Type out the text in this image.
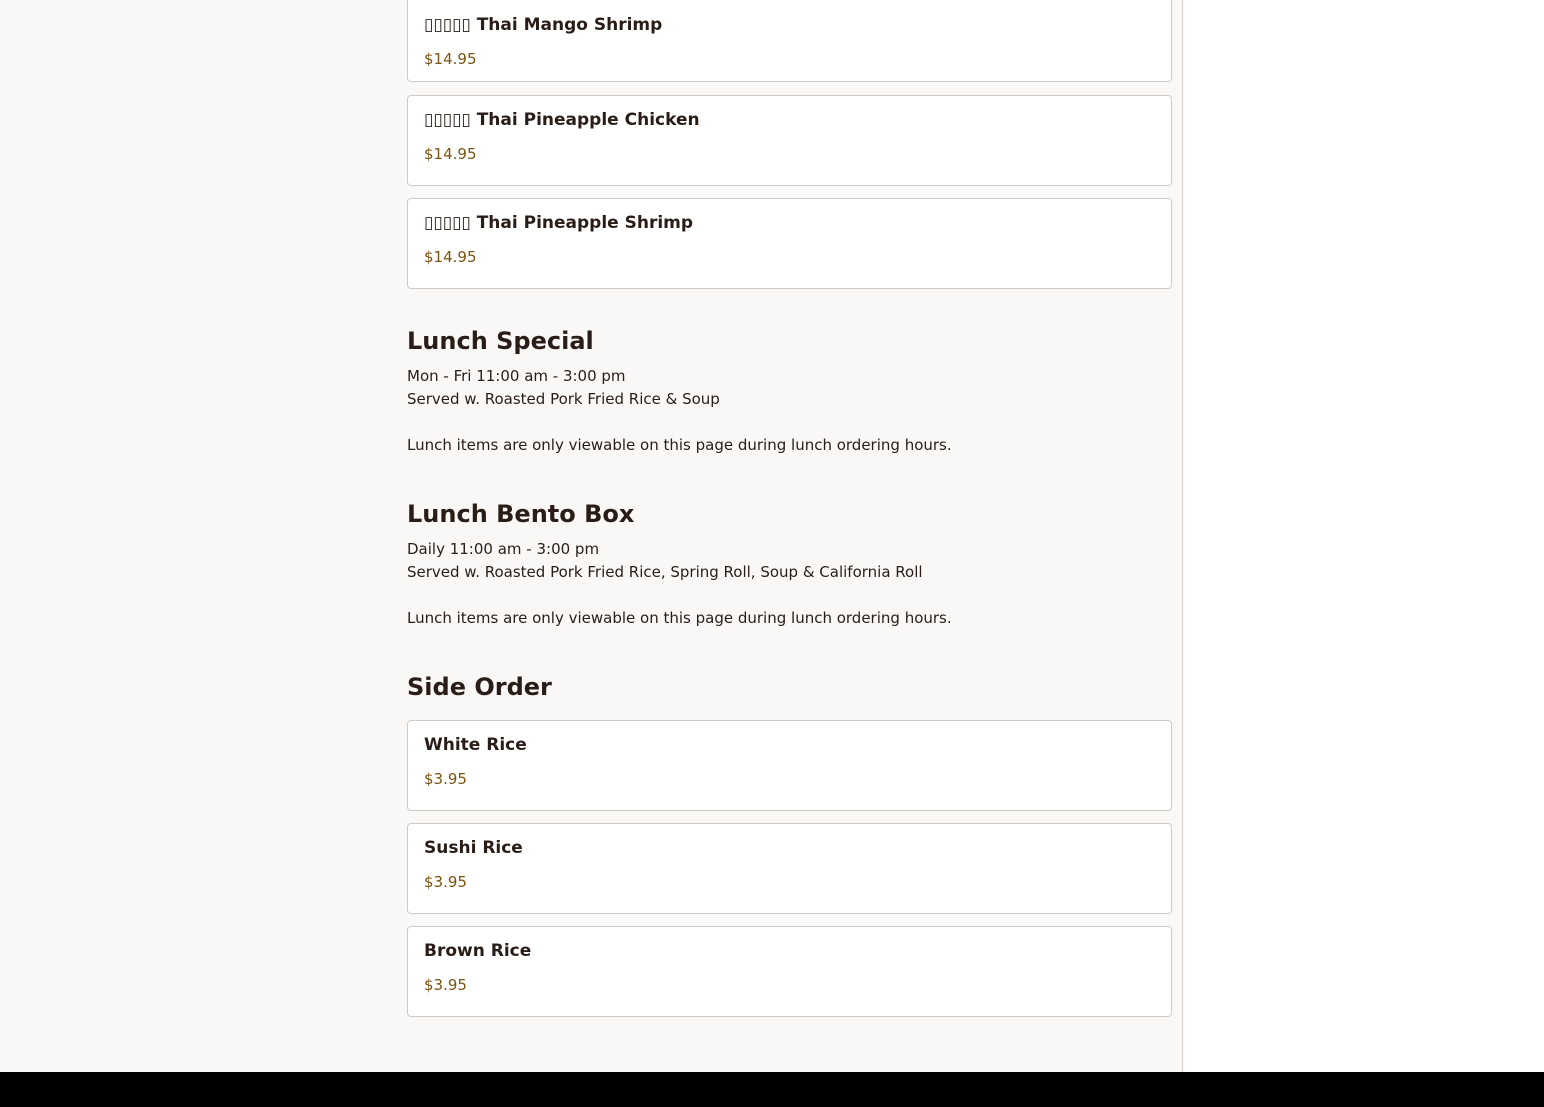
▯▯▯▯▯ Thai Mango Shrimp
$14.95
▯▯▯▯▯ Thai Pineapple Chicken
$14.95
▯▯▯▯▯ Thai Pineapple Shrimp
$14.95
Lunch Special
Mon - Fri 11:00 am - 3:00 pm
Served w. Roasted Pork Fried Rice & Soup
Lunch items are only viewable on this page during lunch ordering hours.
Lunch Bento Box
Daily 11:00 am - 3:00 pm
Served w. Roasted Pork Fried Rice, Spring Roll, Soup & California Roll
Lunch items are only viewable on this page during lunch ordering hours.
Side Order
White Rice
$3.95
Sushi Rice
$3.95
Brown Rice
$3.95
